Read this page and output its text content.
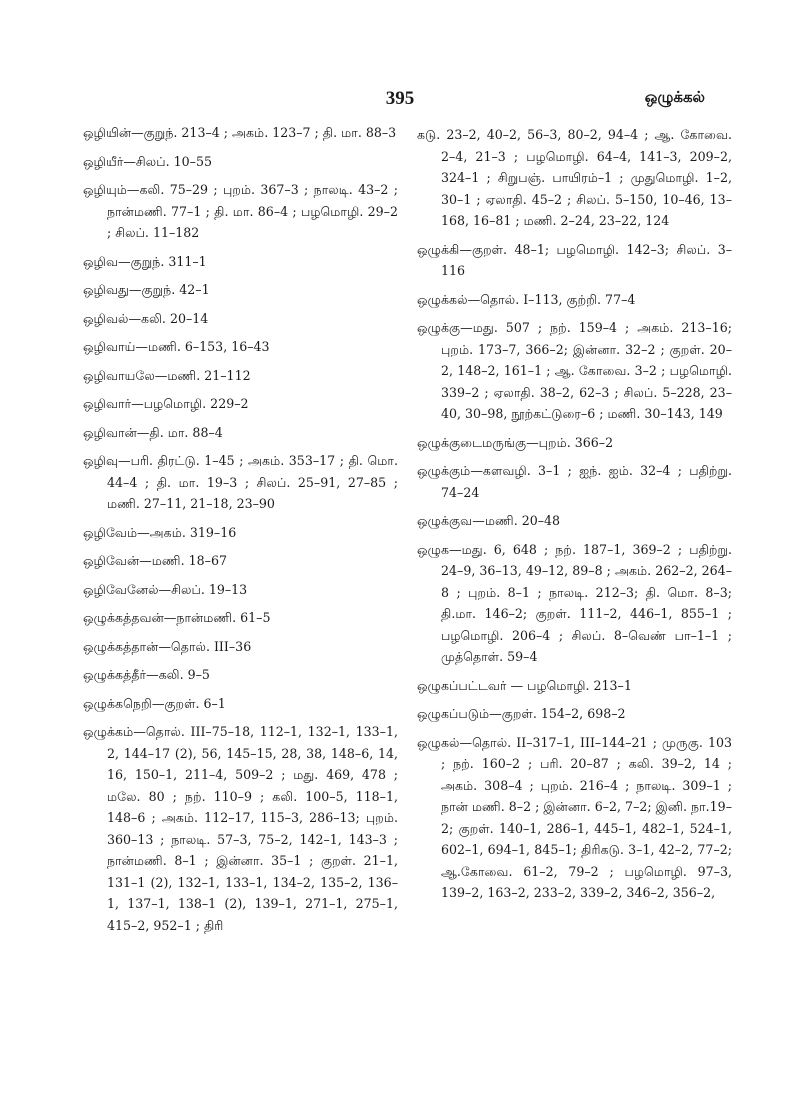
395	ஒழுக்கல்
ஒழியின்—குறுந். 213–4 ; அகம். 123–7 ; தி. மா. 88–3
ஒழியீர்—சிலப். 10–55
ஒழியும்—கலி. 75–29 ; புறம். 367–3 ; நாலடி. 43–2 ; நான்மணி. 77–1 ; தி. மா. 86–4 ; பழமொழி. 29–2 ; சிலப். 11–182
ஒழிவ—குறுந். 311–1
ஒழிவது—குறுந். 42–1
ஒழிவல்—கலி. 20–14
ஒழிவாய்—மணி. 6–153, 16–43
ஒழிவாயலே—மணி. 21–112
ஒழிவார்—பழமொழி. 229–2
ஒழிவான்—தி. மா. 88–4
ஒழிவு—பரி. திரட்டு. 1–45 ; அகம். 353–17 ; தி. மொ. 44–4 ; தி. மா. 19–3 ; சிலப். 25–91, 27–85 ; மணி. 27–11, 21–18, 23–90
ஒழிவேம்—அகம். 319–16
ஒழிவேன்—மணி. 18–67
ஒழிவேனேல்—சிலப். 19–13
ஒழுக்கத்தவன்—நான்மணி. 61–5
ஒழுக்கத்தான்—தொல். III–36
ஒழுக்கத்தீர்—கலி. 9–5
ஒழுக்கநெறி—குறள். 6–1
ஒழுக்கம்—தொல். III–75–18, 112–1, 132–1, 133–1, 2, 144–17 (2), 56, 145–15, 28, 38, 148–6, 14, 16, 150–1, 211–4, 509–2 ; மது. 469, 478 ; மலே. 80 ; நற். 110–9 ; கலி. 100–5, 118–1, 148–6 ; அகம். 112–17, 115–3, 286–13; புறம். 360–13 ; நாலடி. 57–3, 75–2, 142–1, 143–3 ; நான்மணி. 8–1 ; இன்னா. 35–1 ; குறள். 21–1, 131–1 (2), 132–1, 133–1, 134–2, 135–2, 136–1, 137–1, 138–1 (2), 139–1, 271–1, 275–1, 415–2, 952–1 ; திரி
கடு. 23–2, 40–2, 56–3, 80–2, 94–4 ; ஆ. கோவை. 2–4, 21–3 ; பழமொழி. 64–4, 141–3, 209–2, 324–1 ; சிறுபஞ். பாயிரம்–1 ; முதுமொழி. 1–2, 30–1 ; ஏலாதி. 45–2 ; சிலப். 5–150, 10–46, 13–168, 16–81 ; மணி. 2–24, 23–22, 124
ஒழுக்கி—குறள். 48–1; பழமொழி. 142–3; சிலப். 3–116
ஒழுக்கல்—தொல். I–113, குற்றி. 77–4
ஒழுக்கு—மது. 507 ; நற். 159–4 ; அகம். 213–16; புறம். 173–7, 366–2; இன்னா. 32–2 ; குறள். 20–2, 148–2, 161–1 ; ஆ. கோவை. 3–2 ; பழமொழி. 339–2 ; ஏலாதி. 38–2, 62–3 ; சிலப். 5–228, 23–40, 30–98, நூற்கட்டுரை–6 ; மணி. 30–143, 149
ஒழுக்குடைமருங்கு—புறம். 366–2
ஒழுக்கும்—களவழி. 3–1 ; ஐந். ஐம். 32–4 ; பதிற்று. 74–24
ஒழுக்குவ—மணி. 20–48
ஒழுக—மது. 6, 648 ; நற். 187–1, 369–2 ; பதிற்று. 24–9, 36–13, 49–12, 89–8 ; அகம். 262–2, 264–8 ; புறம். 8–1 ; நாலடி. 212–3; தி. மொ. 8–3; தி.மா. 146–2; குறள். 111–2, 446–1, 855–1 ; பழமொழி. 206–4 ; சிலப். 8–வெண் பா–1–1 ; முத்தொள். 59–4
ஒழுகப்பட்டவர் — பழமொழி. 213–1
ஒழுகப்படும்—குறள். 154–2, 698–2
ஒழுகல்—தொல். II–317–1, III–144–21 ; முருகு. 103 ; நற். 160–2 ; பரி. 20–87 ; கலி. 39–2, 14 ; அகம். 308–4 ; புறம். 216–4 ; நாலடி. 309–1 ; நான் மணி. 8–2 ; இன்னா. 6–2, 7–2; இனி. நா.19–2; குறள். 140–1, 286–1, 445–1, 482–1, 524–1, 602–1, 694–1, 845–1; திரிகடு. 3–1, 42–2, 77–2; ஆ.கோவை. 61–2, 79–2 ; பழமொழி. 97–3, 139–2, 163–2, 233–2, 339–2, 346–2, 356–2,
